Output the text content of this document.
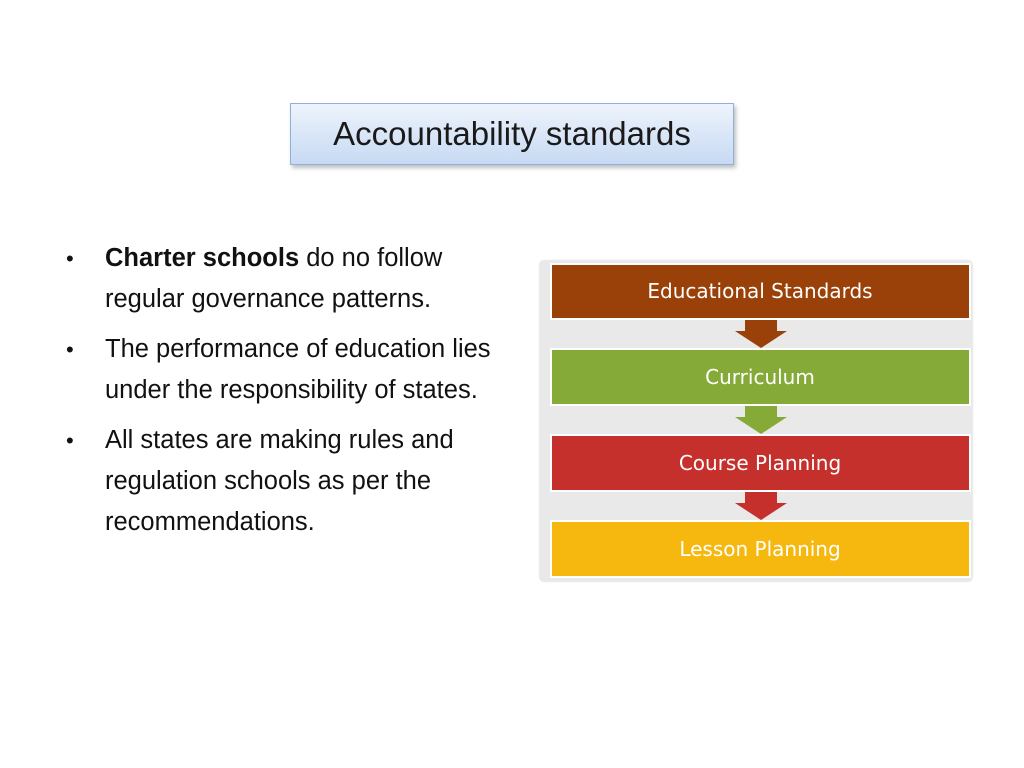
Accountability standards
• Charter schools do no follow regular governance patterns.
• The performance of education lies under the responsibility of states.
• All states are making rules and regulation schools as per the recommendations.
Educational Standards
Curriculum
Course Planning
Lesson Planning
